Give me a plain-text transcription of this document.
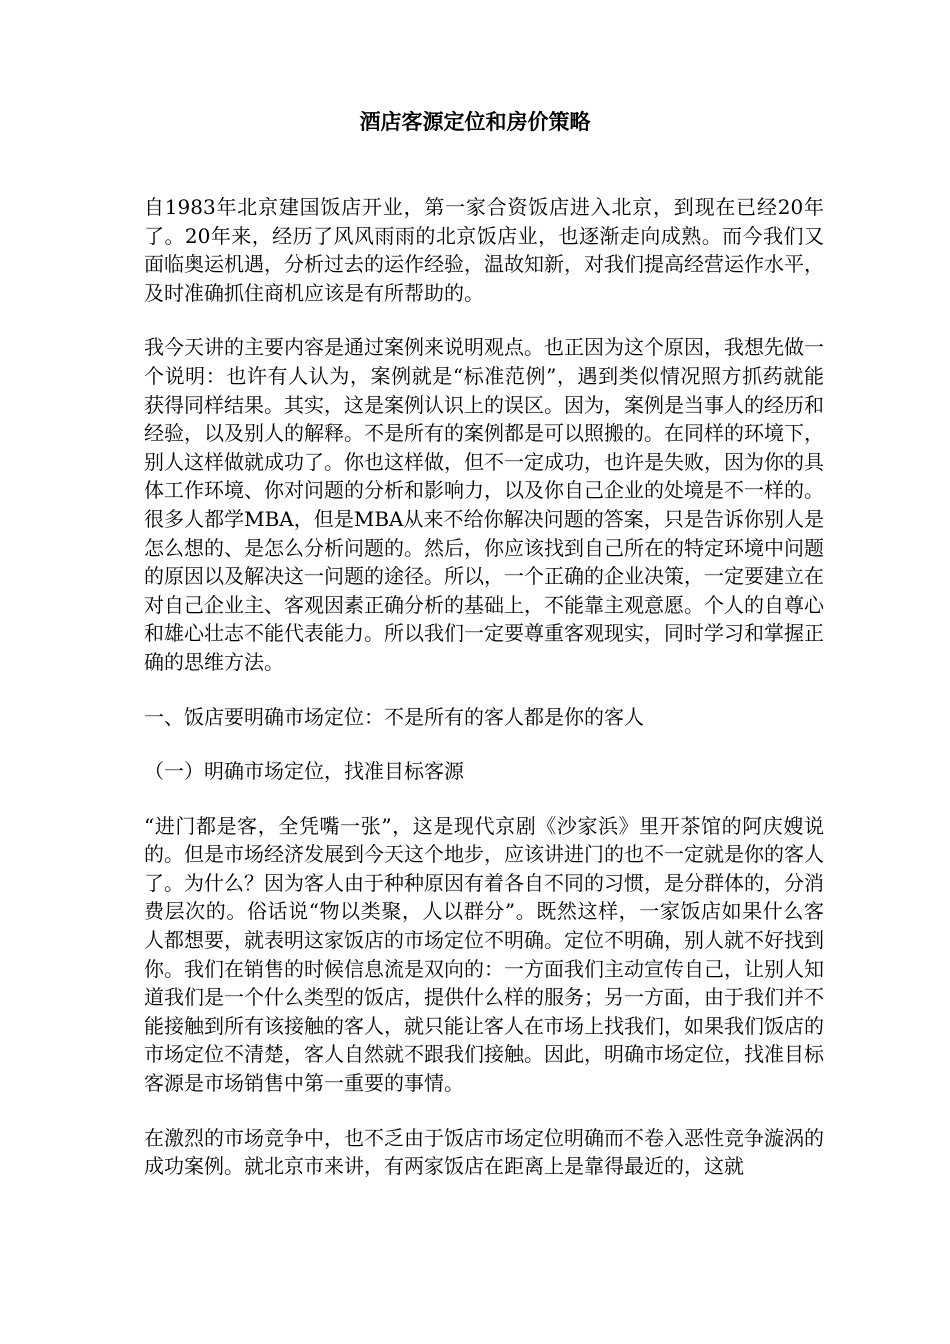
酒店客源定位和房价策略

自1983年北京建国饭店开业，第一家合资饭店进入北京，到现在已经20年了。20年来，经历了风风雨雨的北京饭店业，也逐渐走向成熟。而今我们又面临奥运机遇，分析过去的运作经验，温故知新，对我们提高经营运作水平，及时准确抓住商机应该是有所帮助的。

我今天讲的主要内容是通过案例来说明观点。也正因为这个原因，我想先做一个说明：也许有人认为，案例就是“标准范例”，遇到类似情况照方抓药就能获得同样结果。其实，这是案例认识上的误区。因为，案例是当事人的经历和经验，以及别人的解释。不是所有的案例都是可以照搬的。在同样的环境下，别人这样做就成功了。你也这样做，但不一定成功，也许是失败，因为你的具体工作环境、你对问题的分析和影响力，以及你自己企业的处境是不一样的。很多人都学MBA，但是MBA从来不给你解决问题的答案，只是告诉你别人是怎么想的、是怎么分析问题的。然后，你应该找到自己所在的特定环境中问题的原因以及解决这一问题的途径。所以，一个正确的企业决策，一定要建立在对自己企业主、客观因素正确分析的基础上，不能靠主观意愿。个人的自尊心和雄心壮志不能代表能力。所以我们一定要尊重客观现实，同时学习和掌握正确的思维方法。

一、饭店要明确市场定位：不是所有的客人都是你的客人

（一）明确市场定位，找准目标客源

“进门都是客，全凭嘴一张”，这是现代京剧《沙家浜》里开茶馆的阿庆嫂说的。但是市场经济发展到今天这个地步，应该讲进门的也不一定就是你的客人了。为什么？因为客人由于种种原因有着各自不同的习惯，是分群体的，分消费层次的。俗话说“物以类聚，人以群分”。既然这样，一家饭店如果什么客人都想要，就表明这家饭店的市场定位不明确。定位不明确，别人就不好找到你。我们在销售的时候信息流是双向的：一方面我们主动宣传自己，让别人知道我们是一个什么类型的饭店，提供什么样的服务；另一方面，由于我们并不能接触到所有该接触的客人，就只能让客人在市场上找我们，如果我们饭店的市场定位不清楚，客人自然就不跟我们接触。因此，明确市场定位，找准目标客源是市场销售中第一重要的事情。

在激烈的市场竞争中，也不乏由于饭店市场定位明确而不卷入恶性竞争漩涡的成功案例。就北京市来讲，有两家饭店在距离上是靠得最近的，这就
